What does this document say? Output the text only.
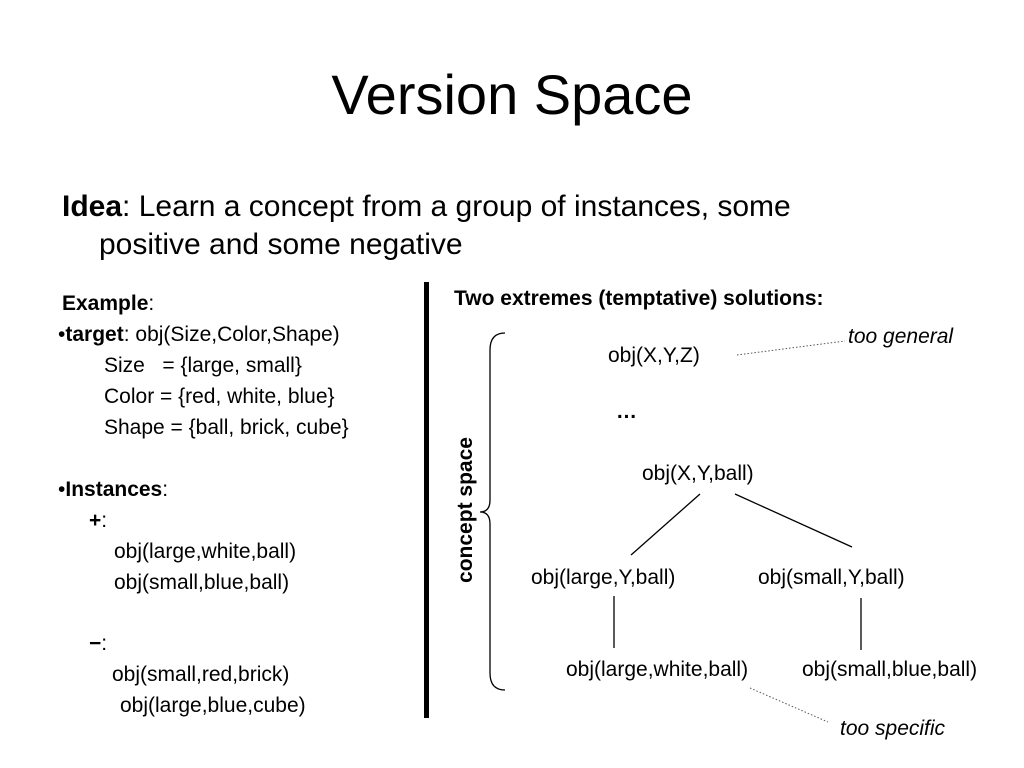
Version Space
Idea: Learn a concept from a group of instances, some
positive and some negative
Example:
•target: obj(Size,Color,Shape)
Size   = {large, small}
Color = {red, white, blue}
Shape = {ball, brick, cube}
•Instances:
+:
obj(large,white,ball)
obj(small,blue,ball)
−:
obj(small,red,brick)
obj(large,blue,cube)
Two extremes (temptative) solutions:
concept space
obj(X,Y,Z)
…
obj(X,Y,ball)
obj(large,Y,ball)	obj(small,Y,ball)
obj(large,white,ball)	obj(small,blue,ball)
too general
too specific
